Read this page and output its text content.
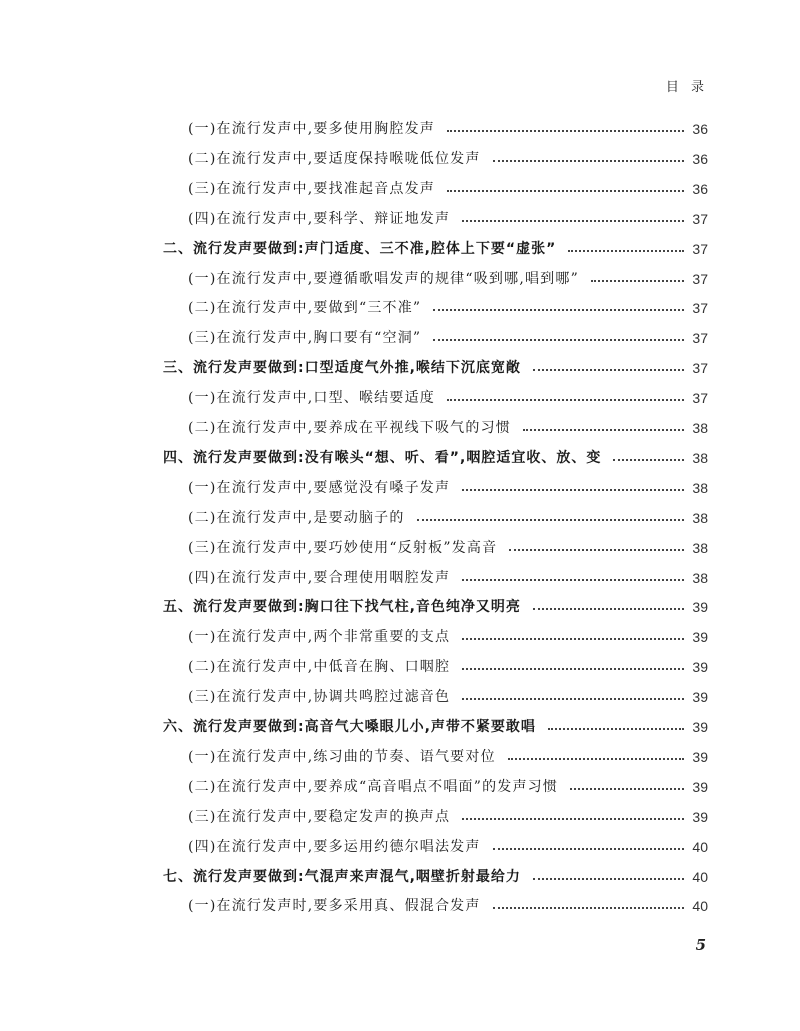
目 录
(一)在流行发声中,要多使用胸腔发声	36
(二)在流行发声中,要适度保持喉咙低位发声	36
(三)在流行发声中,要找准起音点发声	36
(四)在流行发声中,要科学、辩证地发声	37
二、流行发声要做到:声门适度、三不准,腔体上下要“虚张”	37
(一)在流行发声中,要遵循歌唱发声的规律“吸到哪,唱到哪”	37
(二)在流行发声中,要做到“三不准”	37
(三)在流行发声中,胸口要有“空洞”	37
三、流行发声要做到:口型适度气外推,喉结下沉底宽敞	37
(一)在流行发声中,口型、喉结要适度	37
(二)在流行发声中,要养成在平视线下吸气的习惯	38
四、流行发声要做到:没有喉头“想、听、看”,咽腔适宜收、放、变	38
(一)在流行发声中,要感觉没有嗓子发声	38
(二)在流行发声中,是要动脑子的	38
(三)在流行发声中,要巧妙使用“反射板”发高音	38
(四)在流行发声中,要合理使用咽腔发声	38
五、流行发声要做到:胸口往下找气柱,音色纯净又明亮	39
(一)在流行发声中,两个非常重要的支点	39
(二)在流行发声中,中低音在胸、口咽腔	39
(三)在流行发声中,协调共鸣腔过滤音色	39
六、流行发声要做到:高音气大嗓眼儿小,声带不紧要敢唱	39
(一)在流行发声中,练习曲的节奏、语气要对位	39
(二)在流行发声中,要养成“高音唱点不唱面”的发声习惯	39
(三)在流行发声中,要稳定发声的换声点	39
(四)在流行发声中,要多运用约德尔唱法发声	40
七、流行发声要做到:气混声来声混气,咽壁折射最给力	40
(一)在流行发声时,要多采用真、假混合发声	40
5
